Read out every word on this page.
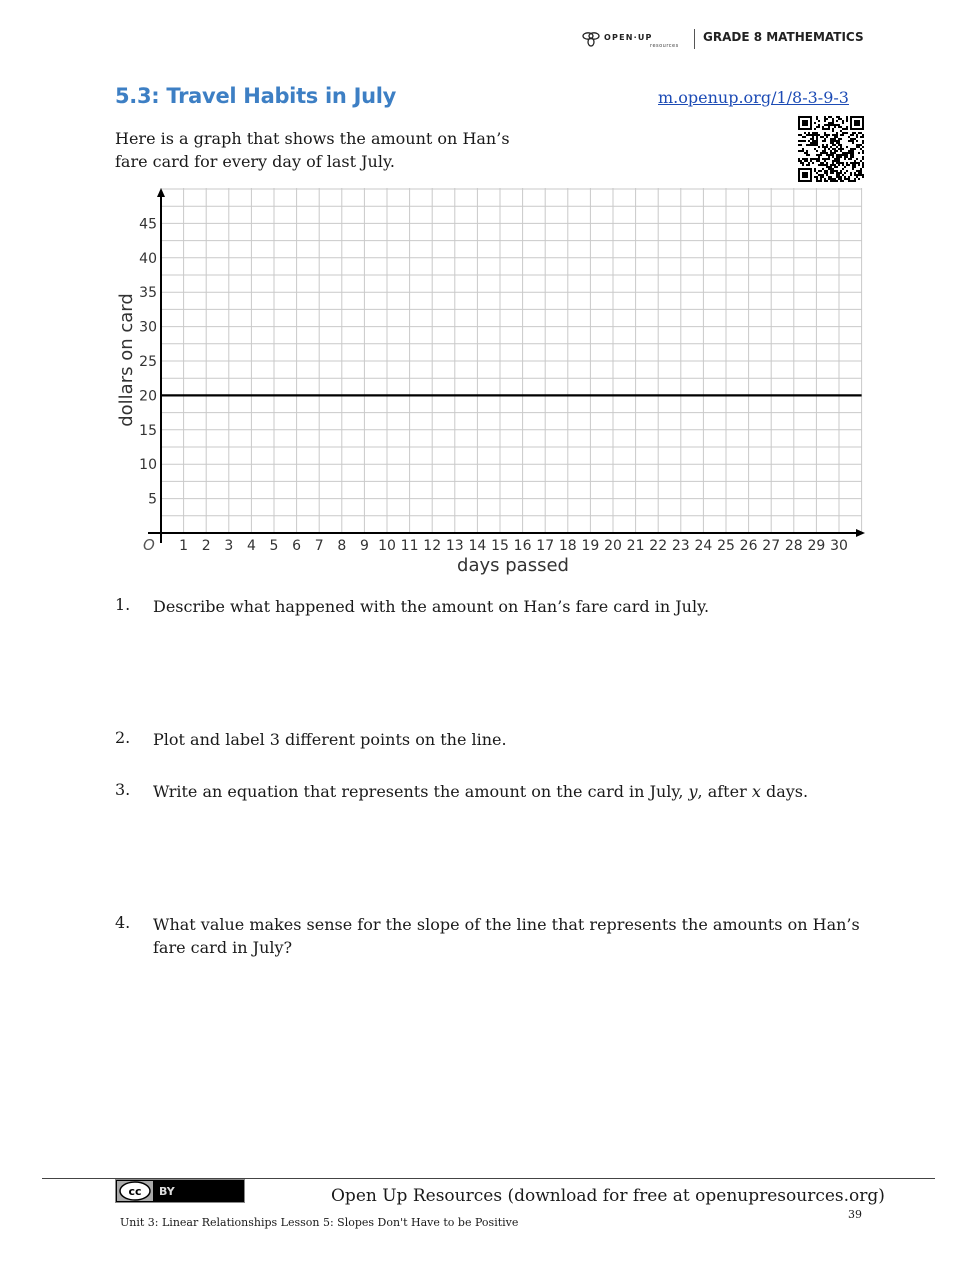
OPEN·UP
resources
GRADE 8 MATHEMATICS
5.3: Travel Habits in July	m.openup.org/1/8-3-9-3
Here is a graph that shows the amount on Han’s fare card for every day of last July.
1 2 3 4 5 6 7 8 9 10 11 12 13 14 15 16 17 18 19 20 21 22 23 24 25 26 27 28 29 30
5
10
15
20
25
30
35
40
45
days passed
dollars on card
O
1. Describe what happened with the amount on Han’s fare card in July.
2. Plot and label 3 different points on the line.
3. Write an equation that represents the amount on the card in July, y, after x days.
4. What value makes sense for the slope of the line that represents the amounts on Han’s fare card in July?
cc BY	Open Up Resources (download for free at openupresources.org)
39
Unit 3: Linear Relationships Lesson 5: Slopes Don't Have to be Positive
